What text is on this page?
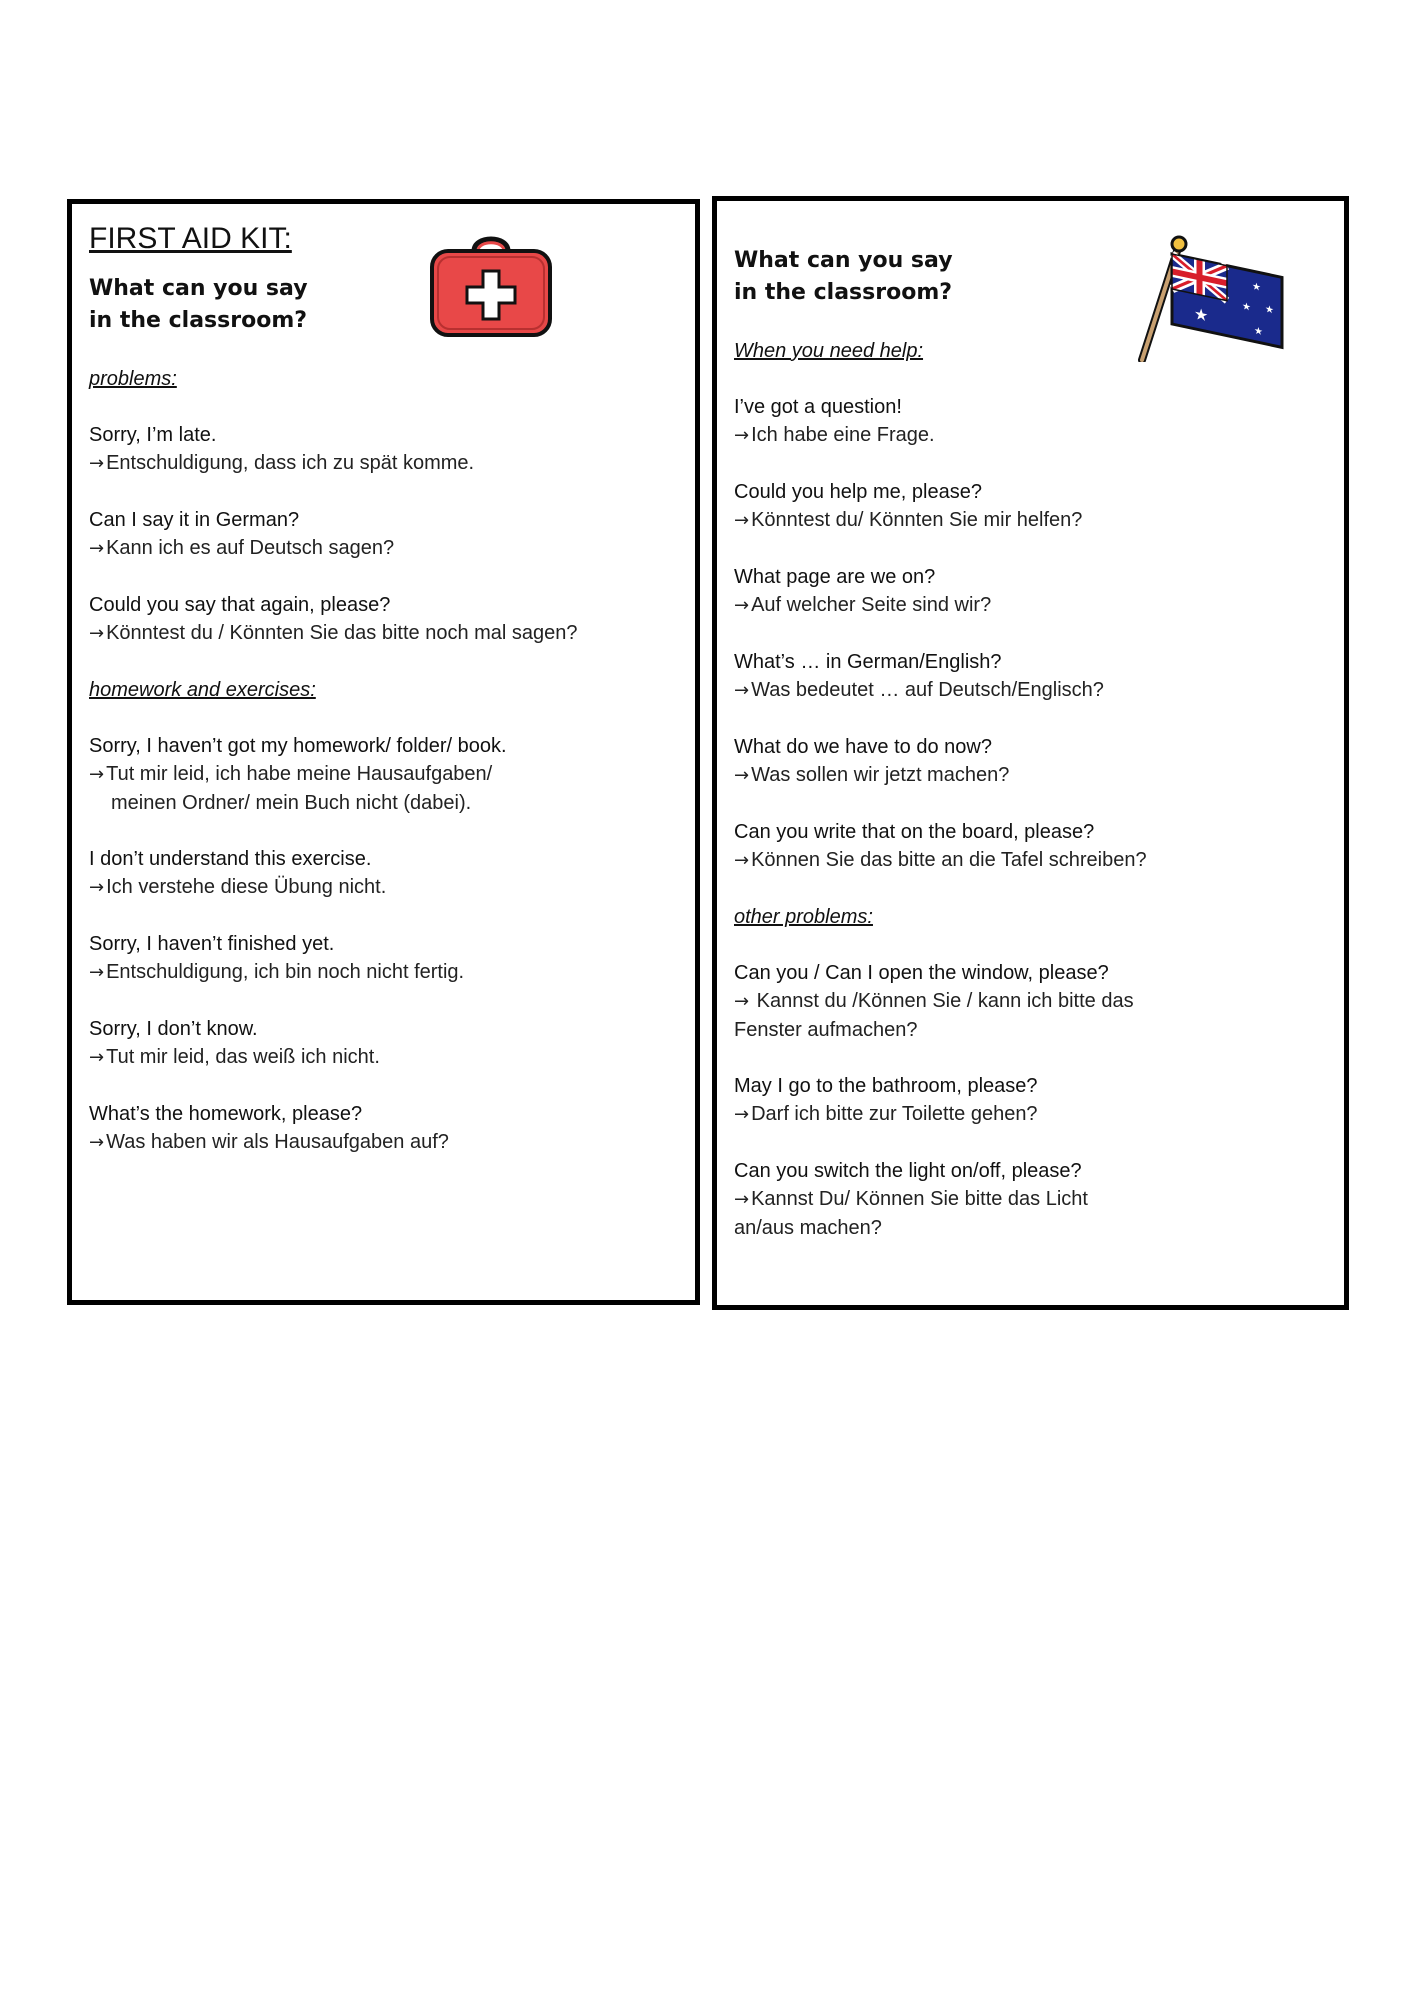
FIRST AID KIT:
What can you say
in the classroom?
problems:
Sorry, I’m late.
→ Entschuldigung, dass ich zu spät komme.
Can I say it in German?
→ Kann ich es auf Deutsch sagen?
Could you say that again, please?
→ Könntest du / Könnten Sie das bitte noch mal sagen?
homework and exercises:
Sorry, I haven’t got my homework/ folder/ book.
→ Tut mir leid, ich habe meine Hausaufgaben/
meinen Ordner/ mein Buch nicht (dabei).
I don’t understand this exercise.
→ Ich verstehe diese Übung nicht.
Sorry, I haven’t finished yet.
→ Entschuldigung, ich bin noch nicht fertig.
Sorry, I don’t know.
→ Tut mir leid, das weiß ich nicht.
What’s the homework, please?
→ Was haben wir als Hausaufgaben auf?
What can you say
in the classroom?
When you need help:
I’ve got a question!
→ Ich habe eine Frage.
Could you help me, please?
→ Könntest du/ Könnten Sie mir helfen?
What page are we on?
→ Auf welcher Seite sind wir?
What’s … in German/English?
→ Was bedeutet … auf Deutsch/Englisch?
What do we have to do now?
→ Was sollen wir jetzt machen?
Can you write that on the board, please?
→ Können Sie das bitte an die Tafel schreiben?
other problems:
Can you / Can I open the window, please?
→ Kannst du /Können Sie / kann ich bitte das
Fenster aufmachen?
May I go to the bathroom, please?
→ Darf ich bitte zur Toilette gehen?
Can you switch the light on/off, please?
→ Kannst Du/ Können Sie bitte das Licht
an/aus machen?
★
★
★ ★
★
